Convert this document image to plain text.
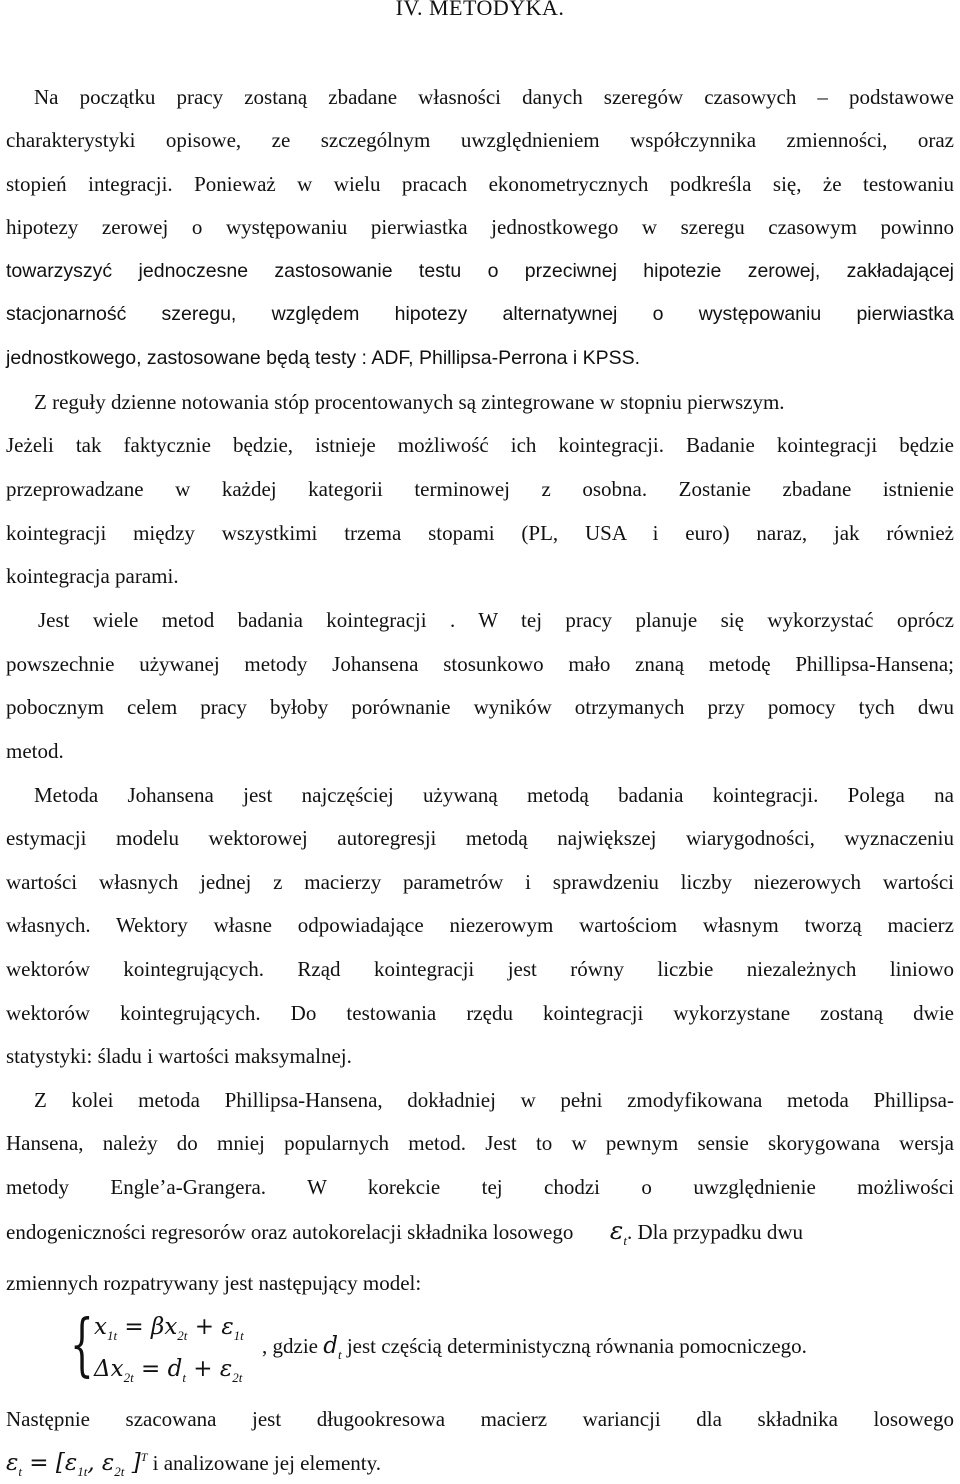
IV. METODYKA.
Na początku pracy zostaną zbadane własności danych szeregów czasowych – podstawowe
charakterystyki opisowe, ze szczególnym uwzględnieniem współczynnika zmienności, oraz
stopień integracji. Ponieważ w wielu pracach ekonometrycznych podkreśla się, że testowaniu
hipotezy zerowej o występowaniu pierwiastka jednostkowego w szeregu czasowym powinno
towarzyszyć jednoczesne zastosowanie testu o przeciwnej hipotezie zerowej, zakładającej
stacjonarność szeregu, względem hipotezy alternatywnej o występowaniu pierwiastka
jednostkowego, zastosowane będą testy : ADF, Phillipsa-Perrona i KPSS.
Z reguły dzienne notowania stóp procentowanych są zintegrowane w stopniu pierwszym.
Jeżeli tak faktycznie będzie, istnieje możliwość ich kointegracji. Badanie kointegracji będzie
przeprowadzane w każdej kategorii terminowej z osobna. Zostanie zbadane istnienie
kointegracji między wszystkimi trzema stopami (PL, USA i euro) naraz, jak również
kointegracja parami.
Jest wiele metod badania kointegracji . W tej pracy planuje się wykorzystać oprócz
powszechnie używanej metody Johansena stosunkowo mało znaną metodę Phillipsa-Hansena;
pobocznym celem pracy byłoby porównanie wyników otrzymanych przy pomocy tych dwu
metod.
Metoda Johansena jest najczęściej używaną metodą badania kointegracji. Polega na
estymacji modelu wektorowej autoregresji metodą największej wiarygodności, wyznaczeniu
wartości własnych jednej z macierzy parametrów i sprawdzeniu liczby niezerowych wartości
własnych. Wektory własne odpowiadające niezerowym wartościom własnym tworzą macierz
wektorów kointegrujących. Rząd kointegracji jest równy liczbie niezależnych liniowo
wektorów kointegrujących. Do testowania rzędu kointegracji wykorzystane zostaną dwie
statystyki: śladu i wartości maksymalnej.
Z kolei metoda Phillipsa-Hansena, dokładniej w pełni zmodyfikowana metoda Phillipsa-
Hansena, należy do mniej popularnych metod. Jest to w pewnym sensie skorygowana wersja
metody Engle’a-Grangera. W korekcie tej chodzi o uwzględnienie możliwości
endogeniczności regresorów oraz autokorelacji składnika losowego $\varepsilon_t$. Dla przypadku dwu
zmiennych rozpatrywany jest następujący model:
{ $x_{1t} = \beta x_{2t} + \varepsilon_{1t}$
$\Delta x_{2t} = d_t + \varepsilon_{2t}$
, gdzie $d_t$ jest częścią deterministyczną równania pomocniczego.
Następnie szacowana jest długookresowa macierz wariancji dla składnika losowego
$\varepsilon_t = [\varepsilon_{1t}$, $\varepsilon_{2t}$ ]$^T$ i analizowane jej elementy.
